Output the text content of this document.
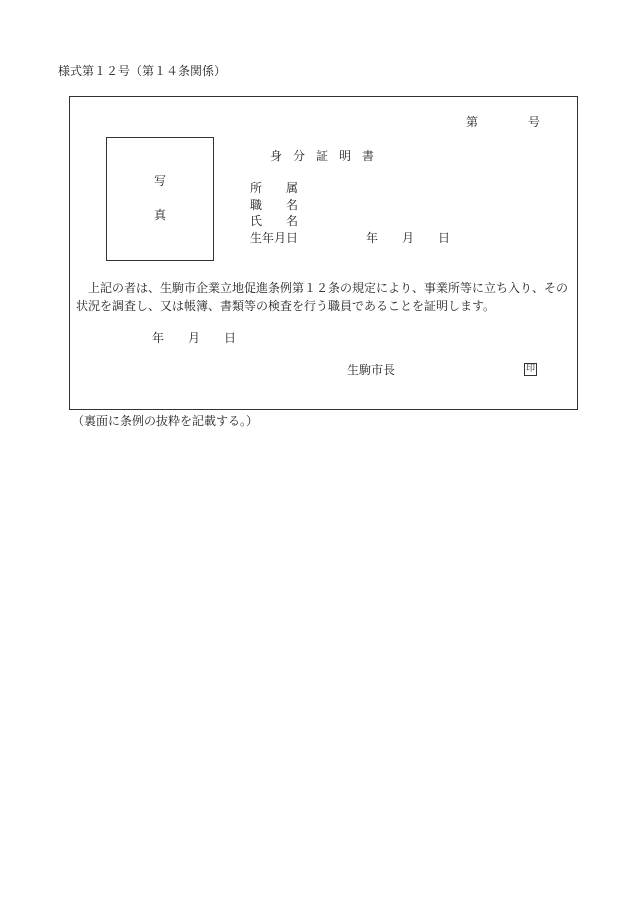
様式第１２号（第１４条関係）
第	号
写
真
身分証明書
所属
職名
氏名
生年月日	年 月 日
上記の者は、生駒市企業立地促進条例第１２条の規定により、事業所等に立ち入り、その状況を調査し、又は帳簿、書類等の検査を行う職員であることを証明します。
年 月 日
生駒市長	印
（裏面に条例の抜粋を記載する。）
